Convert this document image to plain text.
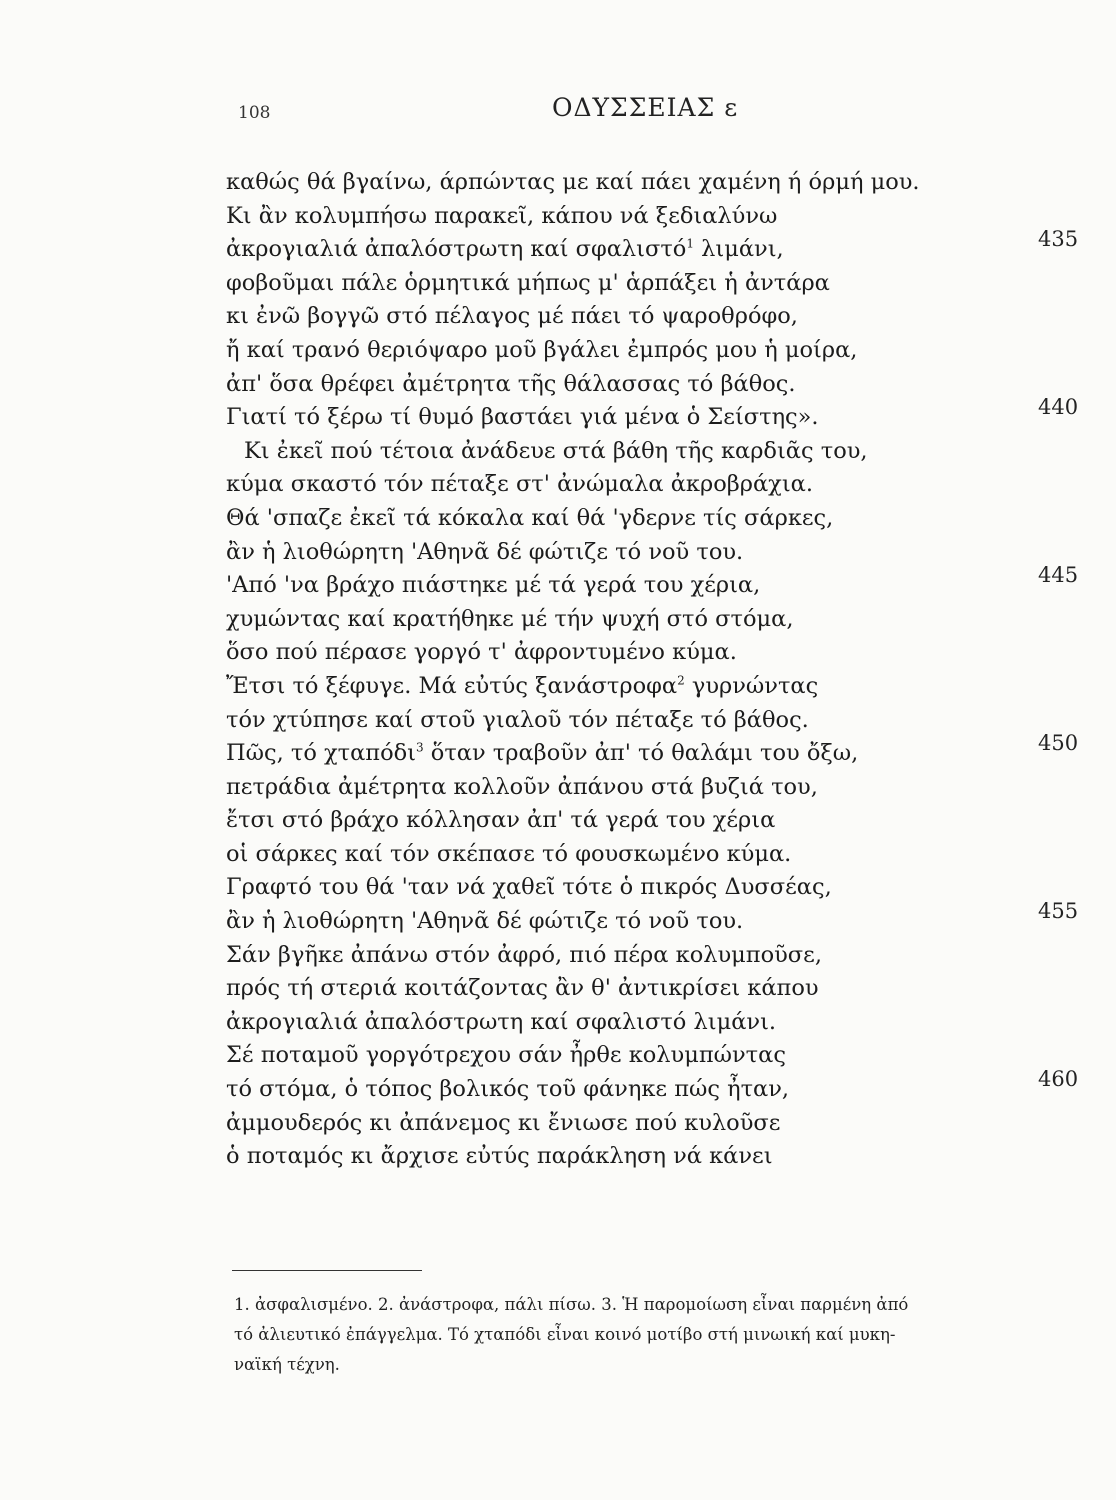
108	ΟΔΥΣΣΕΙΑΣ ε
καθώς θά βγαίνω, άρπώντας με καί πάει χαμένη ή όρμή μου.
Κι ἂν κολυμπήσω παρακεῖ, κάπου νά ξεδιαλύνω
ἀκρογιαλιά ἀπαλόστρωτη καί σφαλιστό$^1$ λιμάνι,	435
φοβοῦμαι πάλε ὁρμητικά μήπως μ' ἁρπάξει ἡ ἀντάρα
κι ἐνῶ βογγῶ στό πέλαγος μέ πάει τό ψαροθρόφο,
ἤ καί τρανό θεριόψαρο μοῦ βγάλει ἐμπρός μου ἡ μοίρα,
ἀπ' ὅσα θρέφει ἀμέτρητα τῆς θάλασσας τό βάθος.
Γιατί τό ξέρω τί θυμό βαστάει γιά μένα ὁ Σείστης».	440
Κι ἐκεῖ πού τέτοια ἀνάδευε στά βάθη τῆς καρδιᾶς του,
κύμα σκαστό τόν πέταξε στ' ἀνώμαλα ἀκροβράχια.
Θά 'σπαζε ἐκεῖ τά κόκαλα καί θά 'γδερνε τίς σάρκες,
ἂν ἡ λιοθώρητη 'Αθηνᾶ δέ φώτιζε τό νοῦ του.
'Από 'να βράχο πιάστηκε μέ τά γερά του χέρια,	445
χυμώντας καί κρατήθηκε μέ τήν ψυχή στό στόμα,
ὅσο πού πέρασε γοργό τ' ἀφροντυμένο κύμα.
Ἔτσι τό ξέφυγε. Μά εὐτύς ξανάστροφα$^2$ γυρνώντας
τόν χτύπησε καί στοῦ γιαλοῦ τόν πέταξε τό βάθος.
Πῶς, τό χταπόδι$^3$ ὅταν τραβοῦν ἀπ' τό θαλάμι του ὄξω,	450
πετράδια ἀμέτρητα κολλοῦν ἀπάνου στά βυζιά του,
ἔτσι στό βράχο κόλλησαν ἀπ' τά γερά του χέρια
οἱ σάρκες καί τόν σκέπασε τό φουσκωμένο κύμα.
Γραφτό του θά 'ταν νά χαθεῖ τότε ὁ πικρός Δυσσέας,
ἂν ἡ λιοθώρητη 'Αθηνᾶ δέ φώτιζε τό νοῦ του.	455
Σάν βγῆκε ἀπάνω στόν ἀφρό, πιό πέρα κολυμποῦσε,
πρός τή στεριά κοιτάζοντας ἂν θ' ἀντικρίσει κάπου
ἀκρογιαλιά ἀπαλόστρωτη καί σφαλιστό λιμάνι.
Σέ ποταμοῦ γοργότρεχου σάν ἦρθε κολυμπώντας
τό στόμα, ὁ τόπος βολικός τοῦ φάνηκε πώς ἦταν,	460
ἀμμουδερός κι ἀπάνεμος κι ἔνιωσε πού κυλοῦσε
ὁ ποταμός κι ἄρχισε εὐτύς παράκληση νά κάνει
1. ἀσφαλισμένο. 2. ἀνάστροφα, πάλι πίσω. 3. Ἡ παρομοίωση εἶναι παρμένη ἀπό
τό ἀλιευτικό ἐπάγγελμα. Τό χταπόδι εἶναι κοινό μοτίβο στή μινωική καί μυκη-
ναϊκή τέχνη.
